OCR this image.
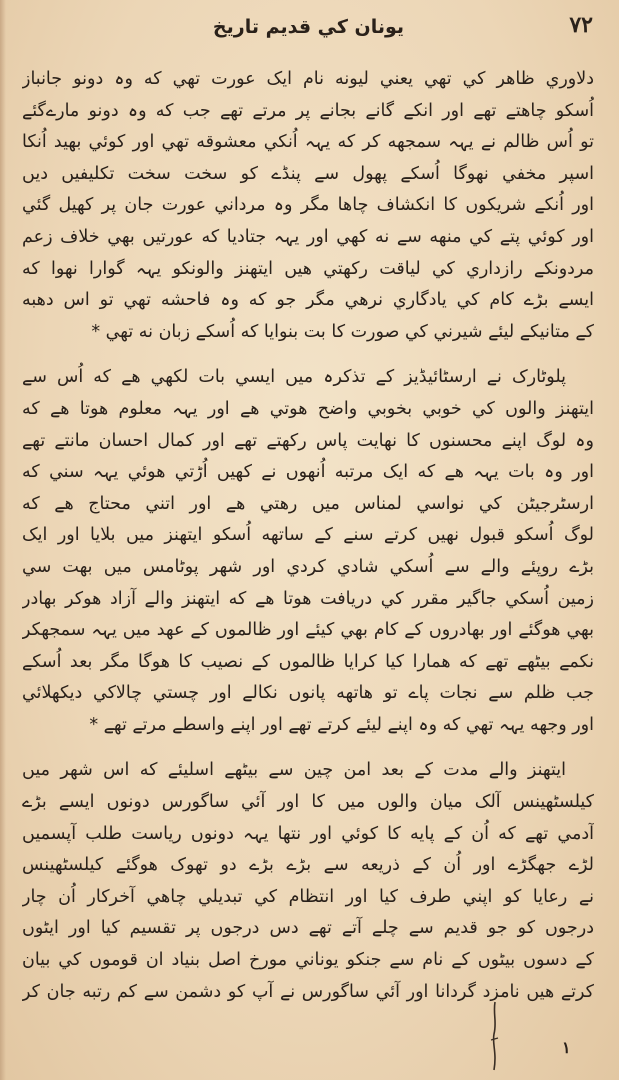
یونان کي قدیم تاریخ	۷۲
دلاوري ظاهر کي تهي يعني ليونه نام ايک عورت تهي که وہ دونو جانباز
اُسکو چاهتے تهے اور انکے گانے بجانے پر مرتے تهے جب که وہ دونو مارےگئے
تو اُس ظالم نے یہہ سمجهه کر که یہہ اُنکي معشوقه تهي اور کوئي بهيد اُنکا
اسپر مخفي نهوگا اُسکے پهول سے پنڈے کو سخت سخت تکليفيں ديں
اور اُنکے شریکوں کا انکشاف چاها مگر وہ مرداني عورت جان پر کهيل گئي
اور کوئي پتے کي منهه سے نه کهي اور یہہ جتادیا که عورتيں بهي خلاف زعم
مردونکے رازداري کي لياقت رکهتي هيں ایتهنز والونکو یہہ گوارا نهوا که
ایسے بڑے کام کي یادگاري نرهي مگر جو که وہ فاحشه تهي تو اس دهبه
کے متانيکے ليئے شيرني کي صورت کا بت بنوایا که اُسکے زبان نه تهي *
پلوٹارک نے ارسٹائيڈيز کے تذکرہ ميں ایسي بات لکهي هے که اُس سے
ایتهنز والوں کي خوبي بخوبي واضح هوتي هے اور یہہ معلوم هوتا هے که
وہ لوگ اپنے محسنوں کا نهایت پاس رکهتے تهے اور کمال احسان مانتے تهے
اور وہ بات یہہ هے که ايک مرتبه اُنهوں نے کهيں اُڑتي هوئي یہہ سني که
ارسٹرجيٹن کي نواسي لمناس ميں رهتي هے اور اتني محتاج هے که
لوگ اُسکو قبول نهيں کرتے سنے کے ساتهه اُسکو ایتهنز ميں بلایا اور ايک
بڑے روپئے والے سے اُسکي شادي کردي اور شهر پوٹامس ميں بهت سي
زمين اُسکي جاگير مقرر کي دریافت هوتا هے که ایتهنز والے آزاد هوکر بهادر
بهي هوگئے اور بهادروں کے کام بهي کيئے اور ظالموں کے عهد ميں یہہ سمجهکر
نکمے بيٹهے تهے که همارا کيا کرایا ظالموں کے نصيب کا هوگا مگر بعد اُسکے
جب ظلم سے نجات پاے تو هاتهه پانوں نکالے اور چستي چالاکي دیکهلائي
اور وجهه یہہ تهي که وہ اپنے ليئے کرتے تهے اور اپنے واسطے مرتے تهے *
ایتهنز والے مدت کے بعد امن چين سے بيٹهے اسليئے که اس شهر ميں
کيلسٹهينس آلک ميان والوں ميں کا اور آئي ساگورس دونوں ایسے بڑے
آدمي تهے که اُن کے پایه کا کوئي اور نتها یہہ دونوں ریاست طلب آپسميں
لڑے جهگڑے اور اُن کے ذریعه سے بڑے بڑے دو تهوک هوگئے کيلسٹهينس
نے رعایا کو اپني طرف کيا اور انتظام کي تبديلي چاهي آخرکار اُن چار
درجوں کو جو قدیم سے چلے آتے تهے دس درجوں پر تقسيم کيا اور ایٹوں
کے دسوں بيٹوں کے نام سے جنکو یوناني مورخ اصل بنياد ان قوموں کي بيان
کرتے هيں نامزد گردانا اور آئي ساگورس نے آپ کو دشمن سے کم رتبه جان کر
۱
